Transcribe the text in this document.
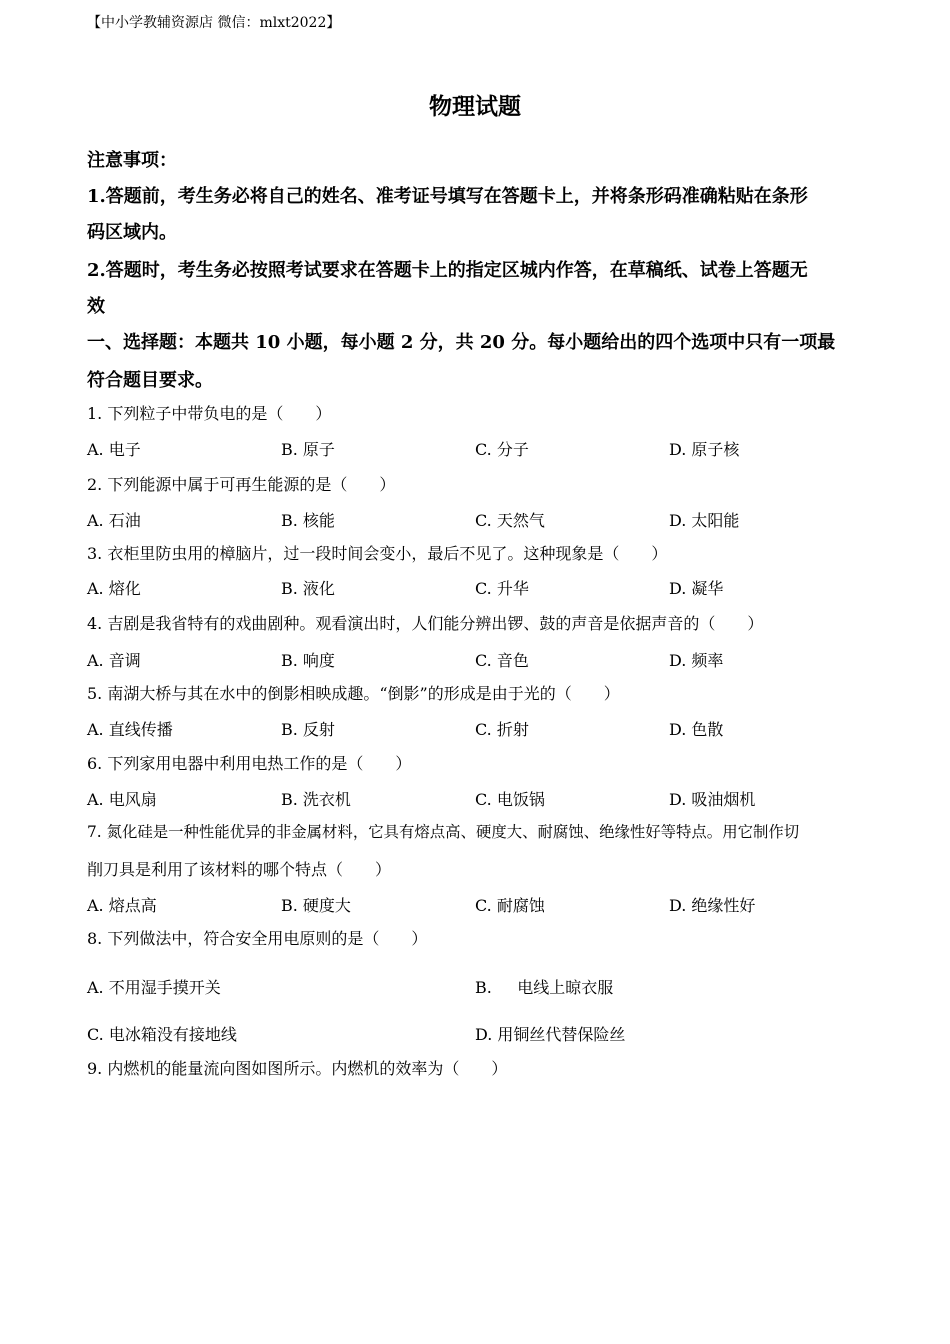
【中小学教辅资源店 微信：mlxt2022】
物理试题
注意事项：
1.答题前，考生务必将自己的姓名、准考证号填写在答题卡上，并将条形码准确粘贴在条形
码区域内。
2.答题时，考生务必按照考试要求在答题卡上的指定区城内作答，在草稿纸、试卷上答题无
效
一、选择题：本题共 10 小题，每小题 2 分，共 20 分。每小题给出的四个选项中只有一项最
符合题目要求。
1. 下列粒子中带负电的是（　　）
A. 电子	B. 原子	C. 分子	D. 原子核
2. 下列能源中属于可再生能源的是（　　）
A. 石油	B. 核能	C. 天然气	D. 太阳能
3. 衣柜里防虫用的樟脑片，过一段时间会变小，最后不见了。这种现象是（　　）
A. 熔化	B. 液化	C. 升华	D. 凝华
4. 吉剧是我省特有的戏曲剧种。观看演出时，人们能分辨出锣、鼓的声音是依据声音的（　　）
A. 音调	B. 响度	C. 音色	D. 频率
5. 南湖大桥与其在水中的倒影相映成趣。“倒影”的形成是由于光的（　　）
A. 直线传播	B. 反射	C. 折射	D. 色散
6. 下列家用电器中利用电热工作的是（　　）
A. 电风扇	B. 洗衣机	C. 电饭锅	D. 吸油烟机
7. 氮化硅是一种性能优异的非金属材料，它具有熔点高、硬度大、耐腐蚀、绝缘性好等特点。用它制作切
削刀具是利用了该材料的哪个特点（　　）
A. 熔点高	B. 硬度大	C. 耐腐蚀	D. 绝缘性好
8. 下列做法中，符合安全用电原则的是（　　）
A. 不用湿手摸开关	B.     电线上晾衣服
C. 电冰箱没有接地线	D. 用铜丝代替保险丝
9. 内燃机的能量流向图如图所示。内燃机的效率为（　　）
